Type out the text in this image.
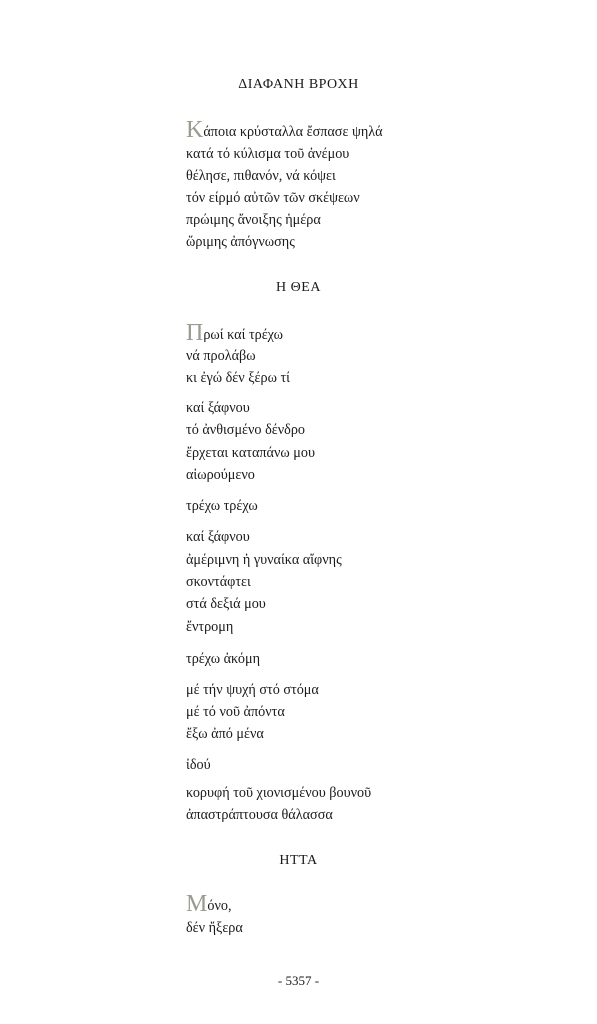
ΔΙΑΦΑΝΗ ΒΡΟΧΗ
Κάποια κρύσταλλα ἔσπασε ψηλά
κατά τό κύλισμα τοῦ ἀνέμου
θέλησε, πιθανόν, νά κόψει
τόν είρμό αὐτῶν τῶν σκέψεων
πρώιμης ἄνοιξης ἡμέρα
ὥριμης ἀπόγνωσης
Η ΘΕΑ
Πρωί καί τρέχω
νά προλάβω
κι ἐγώ δέν ξέρω τί
καί ξάφνου
τό ἀνθισμένο δένδρο
ἔρχεται καταπάνω μου
αἰωρούμενο
τρέχω τρέχω
καί ξάφνου
ἀμέριμνη ἡ γυναίκα αἴφνης
σκοντάφτει
στά δεξιά μου
ἔντρομη
τρέχω ἀκόμη
μέ τήν ψυχή στό στόμα
μέ τό νοῦ ἀπόντα
ἔξω ἀπό μένα
ἰδού
κορυφή τοῦ χιονισμένου βουνοῦ
ἀπαστράπτουσα θάλασσα
ΗΤΤΑ
Μόνο,
δέν ἤξερα
- 5357 -
